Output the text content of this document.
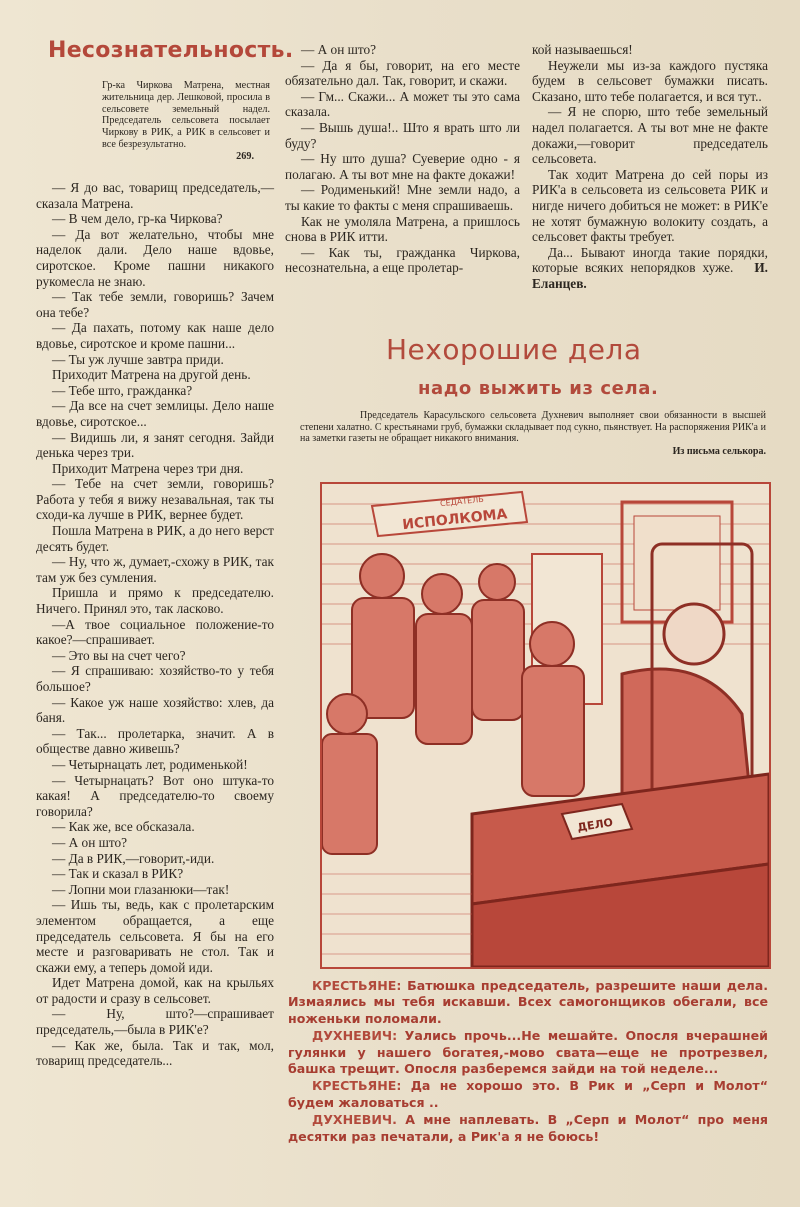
Несознательность.
Гр-ка Чиркова Матрена, местная жительница дер. Лешковой, просила в сельсовете земельный надел. Председатель сельсовета посылает Чиркову в РИК, а РИК в сельсовет и все безрезультатно.
269.

— Я до вас, товарищ председатель,—сказала Матрена.

— В чем дело, гр-ка Чиркова?

— Да вот желательно, чтобы мне наделок дали. Дело наше вдовье, сиротское. Кроме пашни никакого рукомесла не знаю.

— Так тебе земли, говоришь? Зачем она тебе?

— Да пахать, потому как наше дело вдовье, сиротское и кроме пашни...

— Ты уж лучше завтра приди.

Приходит Матрена на другой день.

— Тебе што, гражданка?

— Да все на счет землицы. Дело наше вдовье, сиротское...

— Видишь ли, я занят сегодня. Зайди денька через три.

Приходит Матрена через три дня.

— Тебе на счет земли, говоришь? Работа у тебя я вижу незавальная, так ты сходи-ка лучше в РИК, вернее будет.

Пошла Матрена в РИК, а до него верст десять будет.

— Ну, что ж, думает,-схожу в РИК, так там уж без сумления.

Пришла и прямо к председателю. Ничего. Принял это, так ласково.

—А твое социальное положение-то какое?—спрашивает.

— Это вы на счет чего?

— Я спрашиваю: хозяйство-то у тебя большое?

— Какое уж наше хозяйство: хлев, да баня.

— Так... пролетарка, значит. А в обществе давно живешь?

— Четырнацать лет, родименькой!

— Четырнацать? Вот оно штука-то какая! А председателю-то своему говорила?

— Как же, все обсказала.

— А он што?

— Да в РИК,—говорит,-иди.

— Так и сказал в РИК?

— Лопни мои глазанюки—так!

— Ишь ты, ведь, как с пролетарским элементом обращается, а еще председатель сельсовета. Я бы на его месте и разговаривать не стол. Так и скажи ему, а теперь домой иди.

Идет Матрена домой, как на крыльях от радости и сразу в сельсовет.

— Ну, што?—спрашивает председатель,—была в РИК'е?

— Как же, была. Так и так, мол, товарищ председатель...

— А он што?

— Да я бы, говорит, на его месте обязательно дал. Так, говорит, и скажи.

— Гм... Скажи... А может ты это сама сказала.

— Вышь душа!.. Што я врать што ли буду?

— Ну што душа? Суеверие одно - я полагаю. А ты вот мне на факте докажи!

— Родименький! Мне земли надо, а ты какие то факты с меня спрашиваешь.

Как не умоляла Матрена, а пришлось снова в РИК итти.

— Как ты, гражданка Чиркова, несознательна, а еще пролетар-

кой называешься!

Неужели мы из-за каждого пустяка будем в сельсовет бумажки писать. Сказано, што тебе полагается, и вся тут..

— Я не спорю, што тебе земельный надел полагается. А ты вот мне не факте докажи,—говорит председатель сельсовета.

Так ходит Матрена до сей поры из РИК'а в сельсовета из сельсовета РИК и нигде ничего добиться не может: в РИК'е не хотят бумажную волокиту создать, а сельсовет факты требует.

Да... Бывают иногда такие порядки, которые всяких непорядков хуже. И. Еланцев.

Нехорошие дела
надо выжить из села.

Председатель Карасульского сельсовета Духневич выполняет свои обязанности в высшей степени халатно. С крестьянами груб, бумажки складывает под сукно, пьянствует. На распоряжения РИК'а и на заметки газеты не обращает никакого внимания.

Из письма селькора.
ИСПОЛКОМА
СЕДАТЕЛЬ
ДЕЛО

КРЕСТЬЯНЕ: Батюшка председатель, разрешите наши дела. Измаялись мы тебя искавши. Всех самогонщиков обегали, все ноженьки поломали.

ДУХНЕВИЧ: Уались прочь...Не мешайте. Опосля вчерашней гулянки у нашего богатея,-мово свата—еще не протрезвел, башка трещит. Опосля разберемся зайди на той неделе...

КРЕСТЬЯНЕ: Да не хорошо это. В Рик и „Серп и Молот“ будем жаловаться ..

ДУХНЕВИЧ. А мне наплевать. В „Серп и Молот“ про меня десятки раз печатали, а Рик'а я не боюсь!
